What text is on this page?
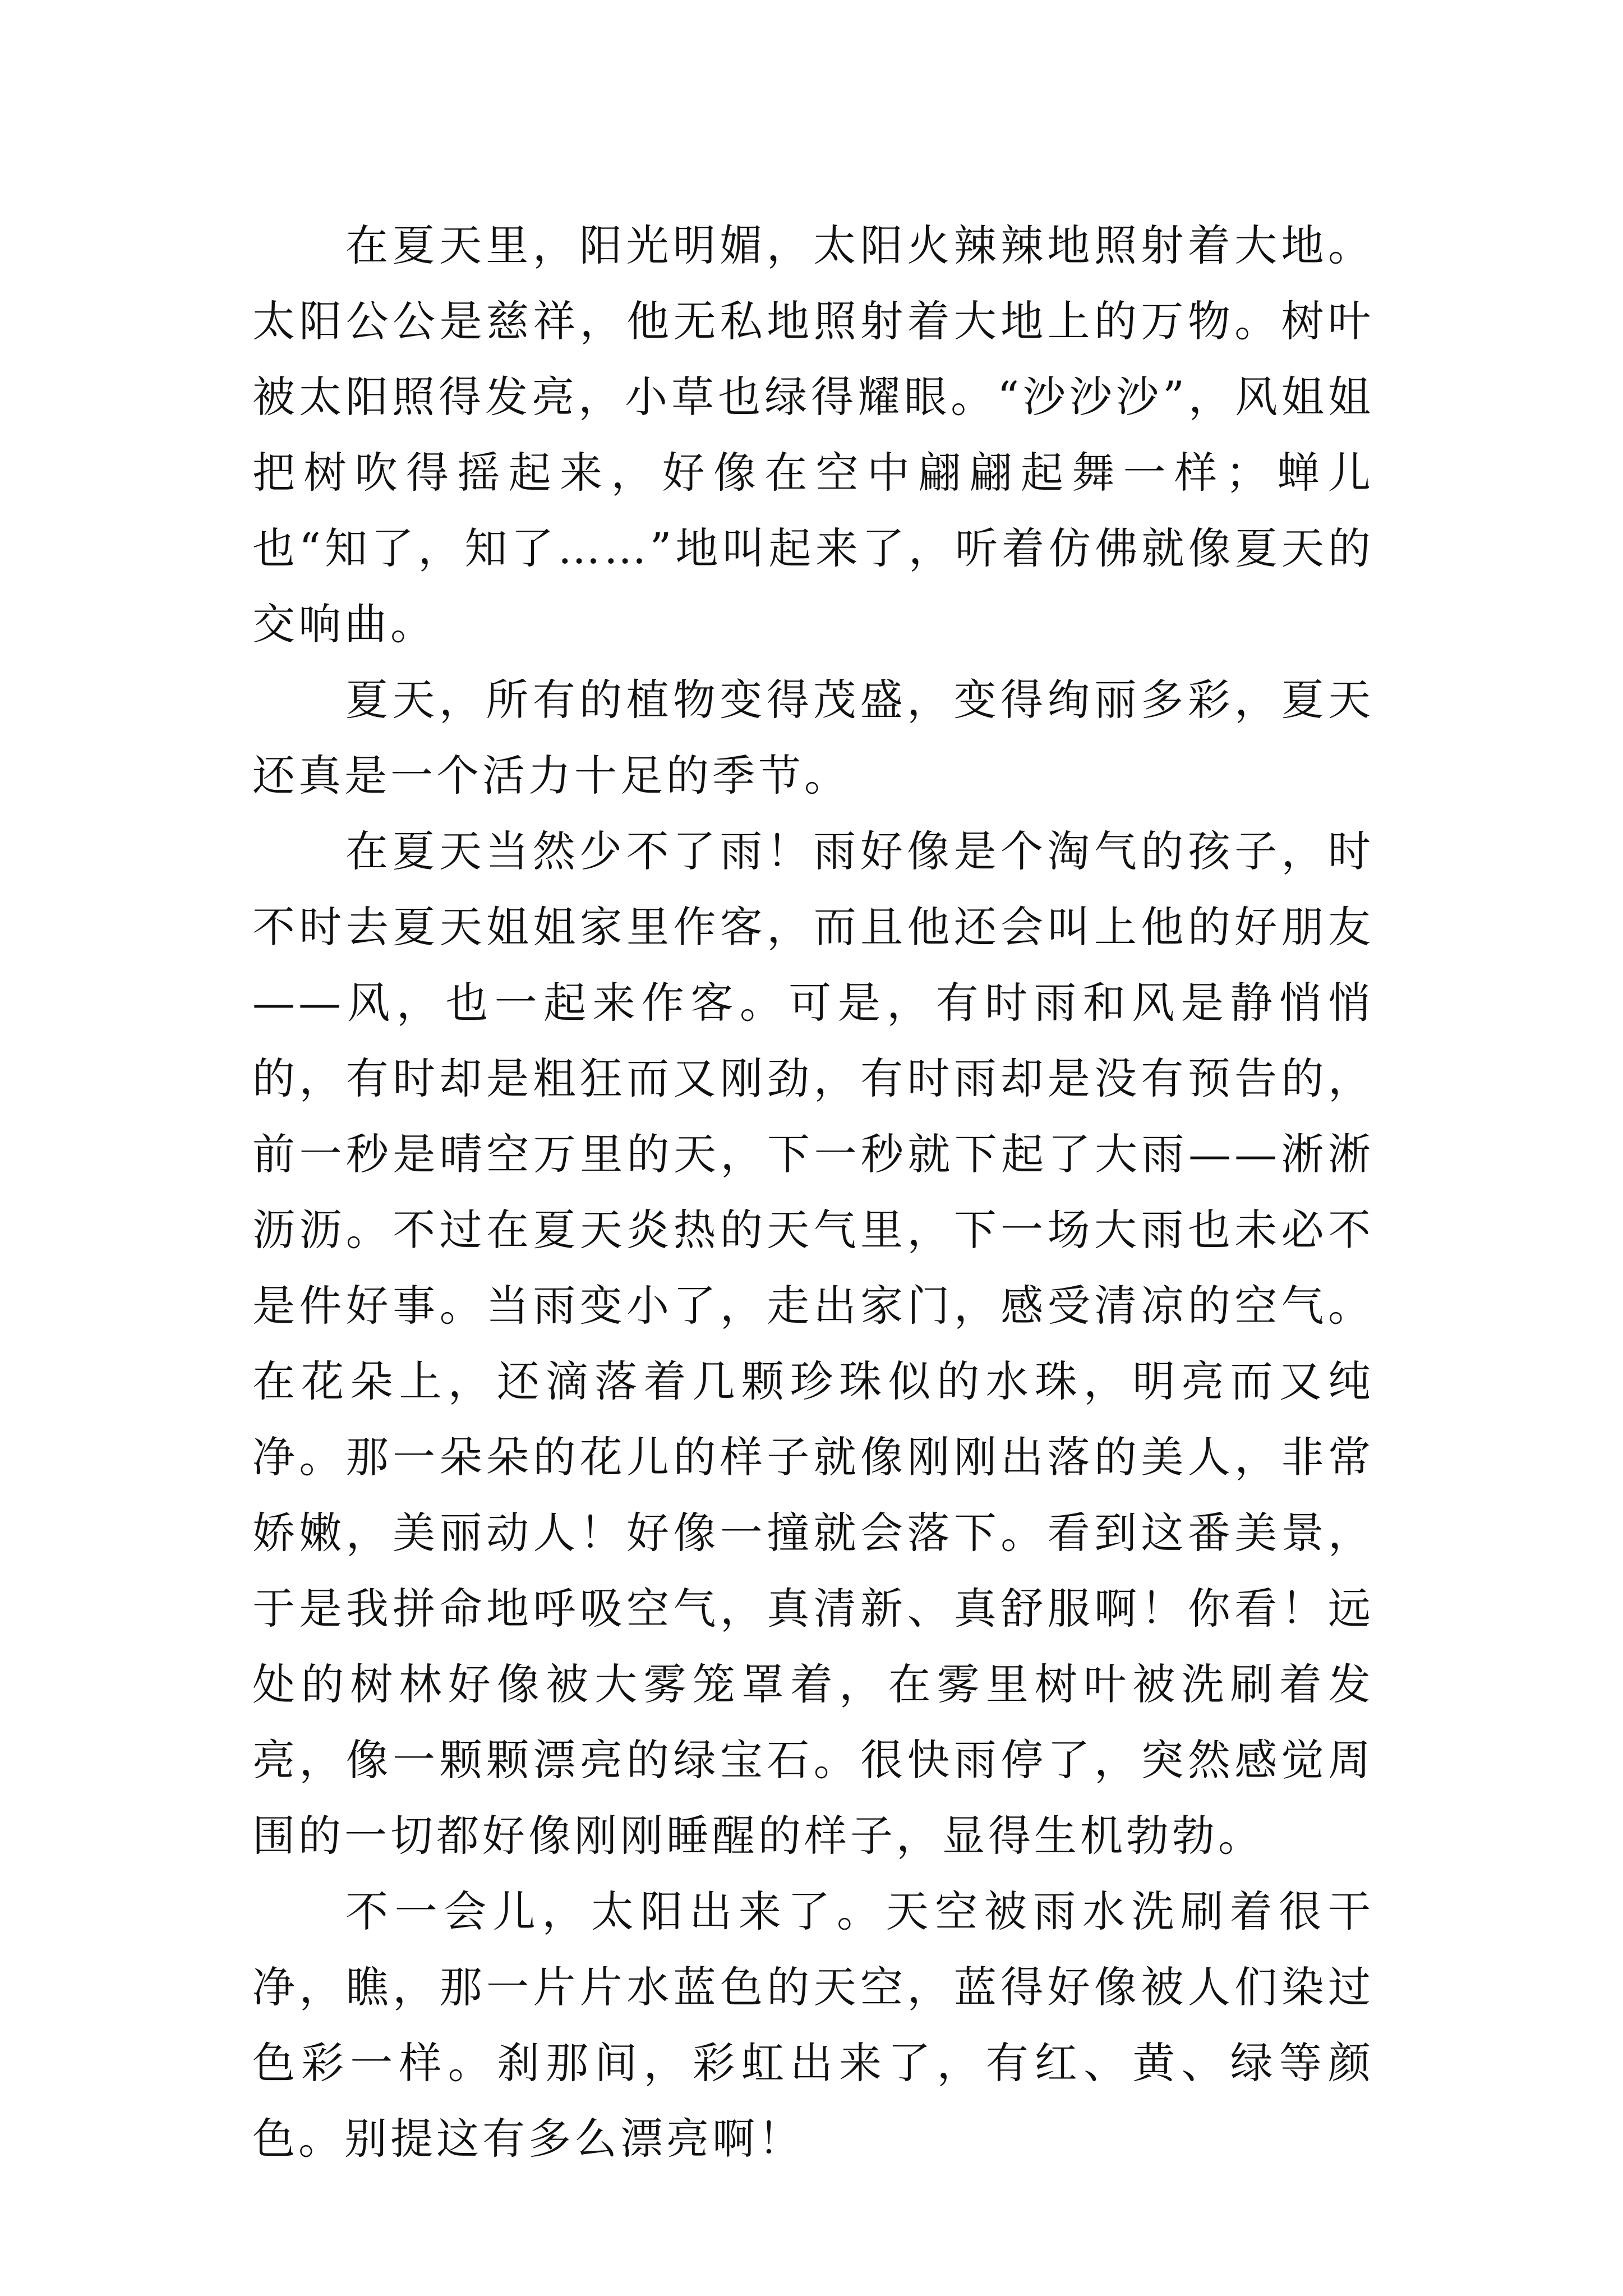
在夏天里，阳光明媚，太阳火辣辣地照射着大地。太阳公公是慈祥，他无私地照射着大地上的万物。树叶被太阳照得发亮，小草也绿得耀眼。“沙沙沙”，风姐姐把树吹得摇起来，好像在空中翩翩起舞一样；蝉儿也“知了，知了……”地叫起来了，听着仿佛就像夏天的交响曲。

夏天，所有的植物变得茂盛，变得绚丽多彩，夏天还真是一个活力十足的季节。

在夏天当然少不了雨！雨好像是个淘气的孩子，时不时去夏天姐姐家里作客，而且他还会叫上他的好朋友——风，也一起来作客。可是，有时雨和风是静悄悄的，有时却是粗狂而又刚劲，有时雨却是没有预告的，前一秒是晴空万里的天，下一秒就下起了大雨——淅淅沥沥。不过在夏天炎热的天气里，下一场大雨也未必不是件好事。当雨变小了，走出家门，感受清凉的空气。在花朵上，还滴落着几颗珍珠似的水珠，明亮而又纯净。那一朵朵的花儿的样子就像刚刚出落的美人，非常娇嫩，美丽动人！好像一撞就会落下。看到这番美景，于是我拼命地呼吸空气，真清新、真舒服啊！你看！远处的树林好像被大雾笼罩着，在雾里树叶被洗刷着发亮，像一颗颗漂亮的绿宝石。很快雨停了，突然感觉周围的一切都好像刚刚睡醒的样子，显得生机勃勃。

不一会儿，太阳出来了。天空被雨水洗刷着很干净，瞧，那一片片水蓝色的天空，蓝得好像被人们染过色彩一样。刹那间，彩虹出来了，有红、黄、绿等颜色。别提这有多么漂亮啊！
